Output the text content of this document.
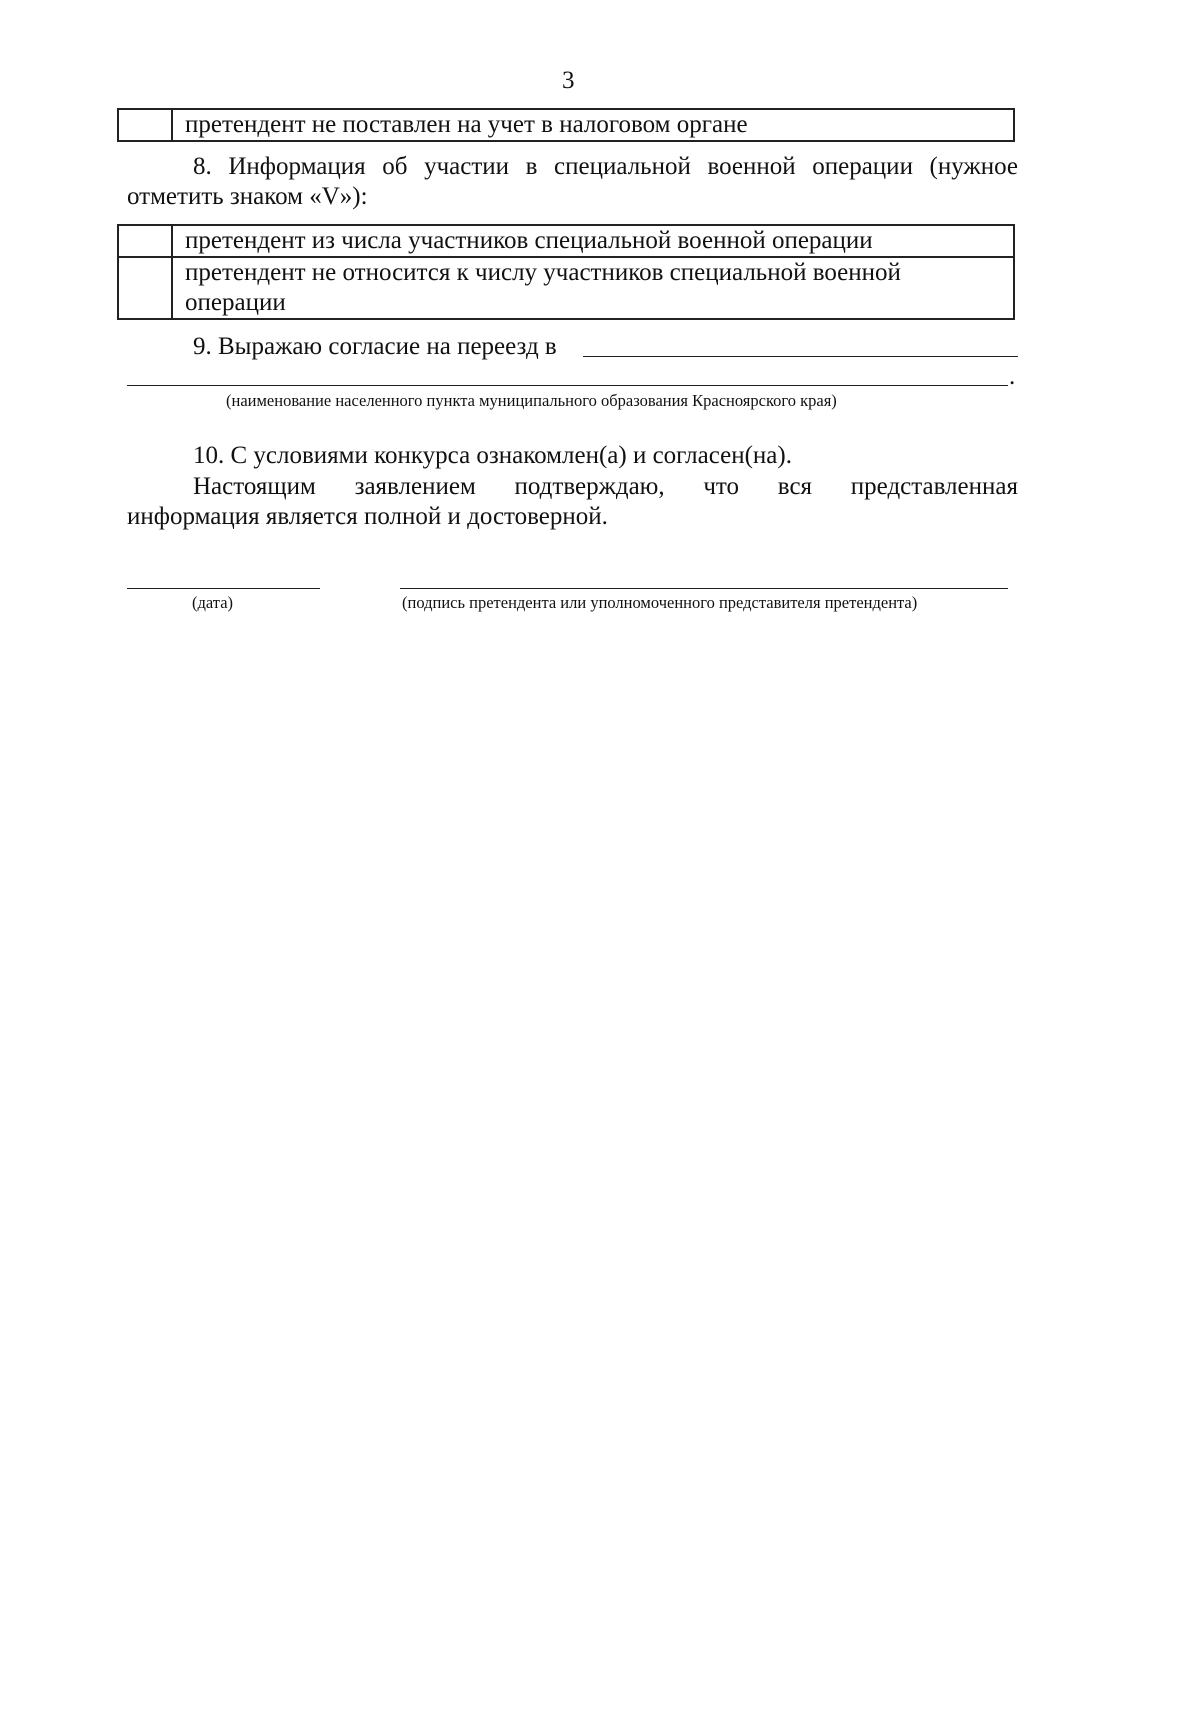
3
	претендент не поставлен на учет в налоговом органе
8. Информация об участии в специальной военной операции (нужное
отметить знаком «V»):
	претендент из числа участников специальной военной операции
	претендент не относится к числу участников специальной военной операции
9. Выражаю согласие на переезд в
.
(наименование населенного пункта муниципального образования Красноярского края)
10. С условиями конкурса ознакомлен(а) и согласен(на).
Настоящим заявлением подтверждаю, что вся представленная
информация является полной и достоверной.
(дата)	(подпись претендента или уполномоченного представителя претендента)
